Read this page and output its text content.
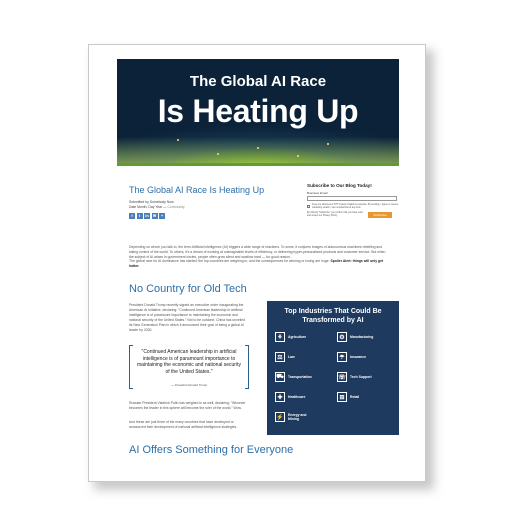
The Global AI Race
Is Heating Up
The Global AI Race Is Heating Up
Submitted by Somebody Now
Date Month, Day Year — Community
f	t	in	✉	+
Subscribe to Our Blog Today!
Business Email
Keep me informed of NTT's latest insights & expertise. By sending, I agree to receive marketing emails. I can unsubscribe at any time.
By clicking "Subscribe" you confirm that you have read and accept our Privacy Policy.	Subscribe
Depending on whom you talk to, the term Artificial Intelligence (AI) triggers a wide range of reactions. To some, it conjures images of autonomous machines rebelling and taking control of the world. To others, it's a dream of working at unimaginable levels of efficiency, or delivering hyper-personalized products and customer service. But when the subject of AI arises in government circles, people often grow silent and swallow hard — for good reason.
The global race for AI dominance has started; the top countries are weighing in, and the consequences for winning or losing are huge. Spoiler Alert: things will only get hotter.
No Country for Old Tech
President Donald Trump recently signed an executive order inaugurating the American AI Initiative, declaring: "Continued American leadership in artificial intelligence is of paramount importance to maintaining the economic and national security of the United States." Not to be outdone, China has unveiled its New Generation Plan in which it announced their goal of being a global AI leader by 2030.
"Continued American leadership in artificial intelligence is of paramount importance to maintaining the economic and national security of the United States."
— President Donald Trump
Russian President Vladimir Putin has weighed in as well, declaring: "Whoever becomes the leader in this sphere will become the ruler of the world." Wow.
And these are just three of the many countries that have developed or announced their development of national artificial intelligence strategies.
Top Industries That Could Be Transformed by AI
⚘	Agriculture	⚙	Manufacturing
⚖	Law	☂	Insurance
⛟	Transportation	☏	Tech Support
✚	Healthcare	⊞	Retail
⚡	Energy and Mining
AI Offers Something for Everyone
